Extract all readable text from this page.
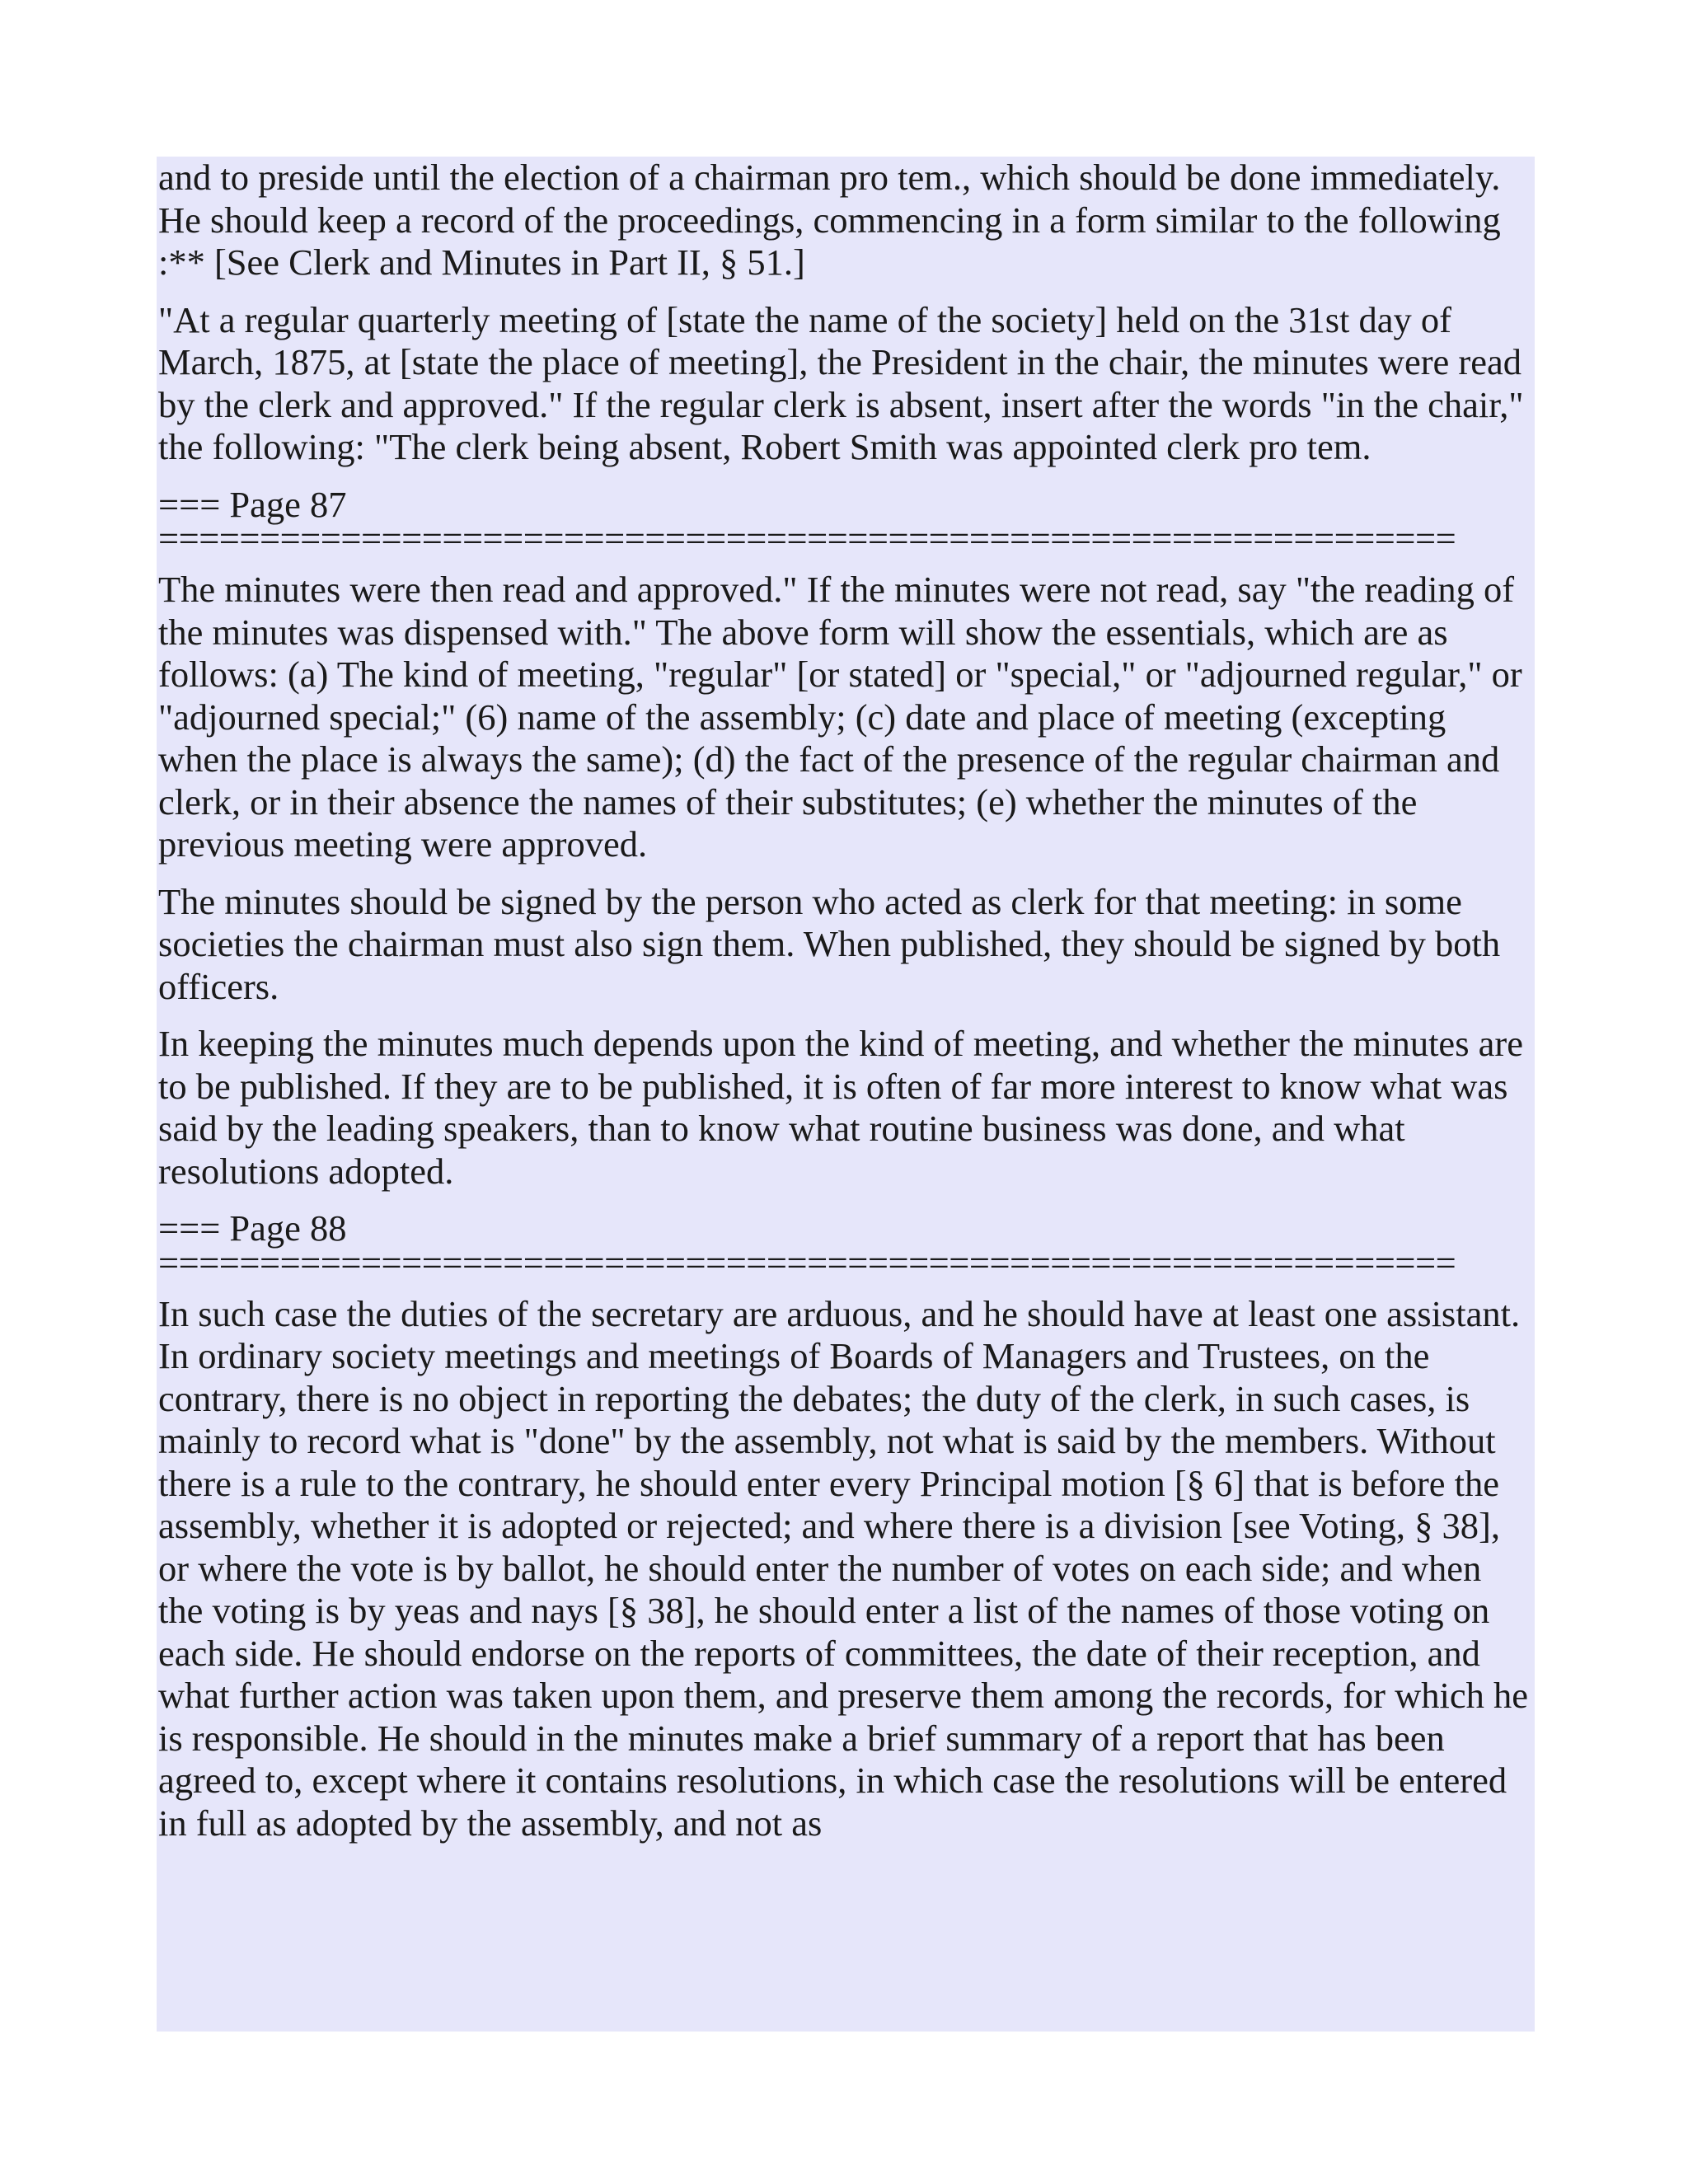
and to preside until the election of a chairman pro tem., which should be done immediately. He should keep a record of the proceedings, commencing in a form similar to the following :** [See Clerk and Minutes in Part II, § 51.]

"At a regular quarterly meeting of [state the name of the society] held on the 31st day of March, 1875, at [state the place of meeting], the President in the chair, the minutes were read by the clerk and approved." If the regular clerk is absent, insert after the words "in the chair," the following: "The clerk being absent, Robert Smith was appointed clerk pro tem.

=== Page 87
================================================================

The minutes were then read and approved." If the minutes were not read, say "the reading of the minutes was dispensed with." The above form will show the essentials, which are as follows: (a) The kind of meeting, "regular" [or stated] or "special," or "adjourned regular," or "adjourned special;" (6) name of the assembly; (c) date and place of meeting (excepting when the place is always the same); (d) the fact of the presence of the regular chairman and clerk, or in their absence the names of their substitutes; (e) whether the minutes of the previous meeting were approved.

The minutes should be signed by the person who acted as clerk for that meeting: in some societies the chairman must also sign them. When published, they should be signed by both officers.

In keeping the minutes much depends upon the kind of meeting, and whether the minutes are to be published. If they are to be published, it is often of far more interest to know what was said by the leading speakers, than to know what routine business was done, and what resolutions adopted.

=== Page 88
================================================================

In such case the duties of the secretary are arduous, and he should have at least one assistant. In ordinary society meetings and meetings of Boards of Managers and Trustees, on the contrary, there is no object in reporting the debates; the duty of the clerk, in such cases, is mainly to record what is "done" by the assembly, not what is said by the members. Without there is a rule to the contrary, he should enter every Principal motion [§ 6] that is before the assembly, whether it is adopted or rejected; and where there is a division [see Voting, § 38], or where the vote is by ballot, he should enter the number of votes on each side; and when the voting is by yeas and nays [§ 38], he should enter a list of the names of those voting on each side. He should endorse on the reports of committees, the date of their reception, and what further action was taken upon them, and preserve them among the records, for which he is responsible. He should in the minutes make a brief summary of a report that has been agreed to, except where it contains resolutions, in which case the resolutions will be entered in full as adopted by the assembly, and not as
